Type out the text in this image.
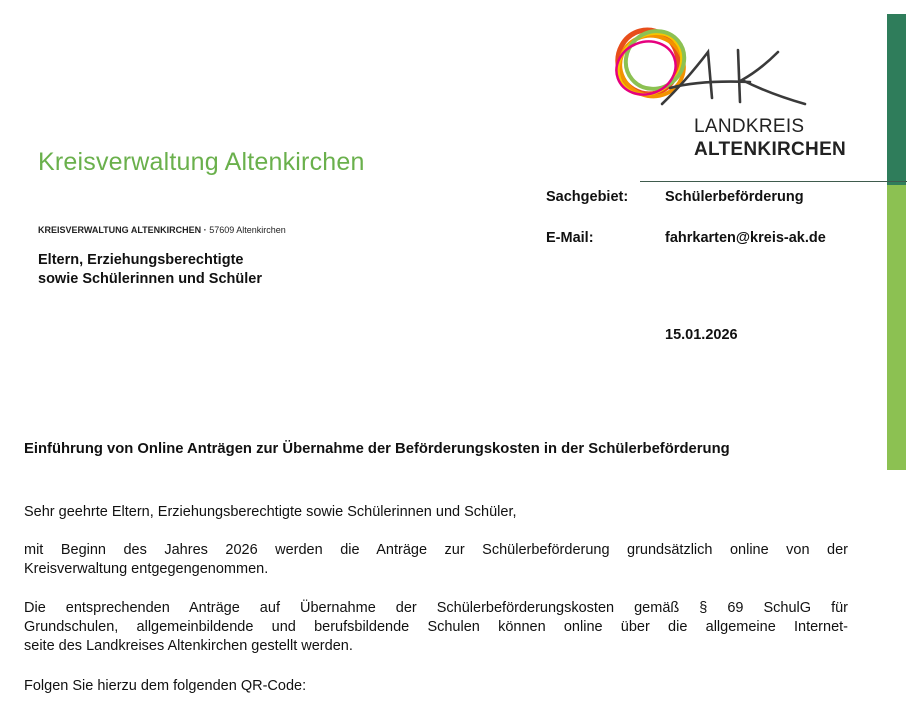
LANDKREIS
ALTENKIRCHEN
Kreisverwaltung Altenkirchen
KREISVERWALTUNG ALTENKIRCHEN · 57609 Altenkirchen
Eltern, Erziehungsberechtigte
sowie Schülerinnen und Schüler
Sachgebiet:	Schülerbeförderung
E-Mail:	fahrkarten@kreis-ak.de
15.01.2026
Einführung von Online Anträgen zur Übernahme der Beförderungskosten in der Schülerbeförderung
Sehr geehrte Eltern, Erziehungsberechtigte sowie Schülerinnen und Schüler,
mit Beginn des Jahres 2026 werden die Anträge zur Schülerbeförderung grundsätzlich online von der
Kreisverwaltung entgegengenommen.
Die entsprechenden Anträge auf Übernahme der Schülerbeförderungskosten gemäß § 69 SchulG für
Grundschulen, allgemeinbildende und berufsbildende Schulen können online über die allgemeine Internet-
seite des Landkreises Altenkirchen gestellt werden.
Folgen Sie hierzu dem folgenden QR-Code:
